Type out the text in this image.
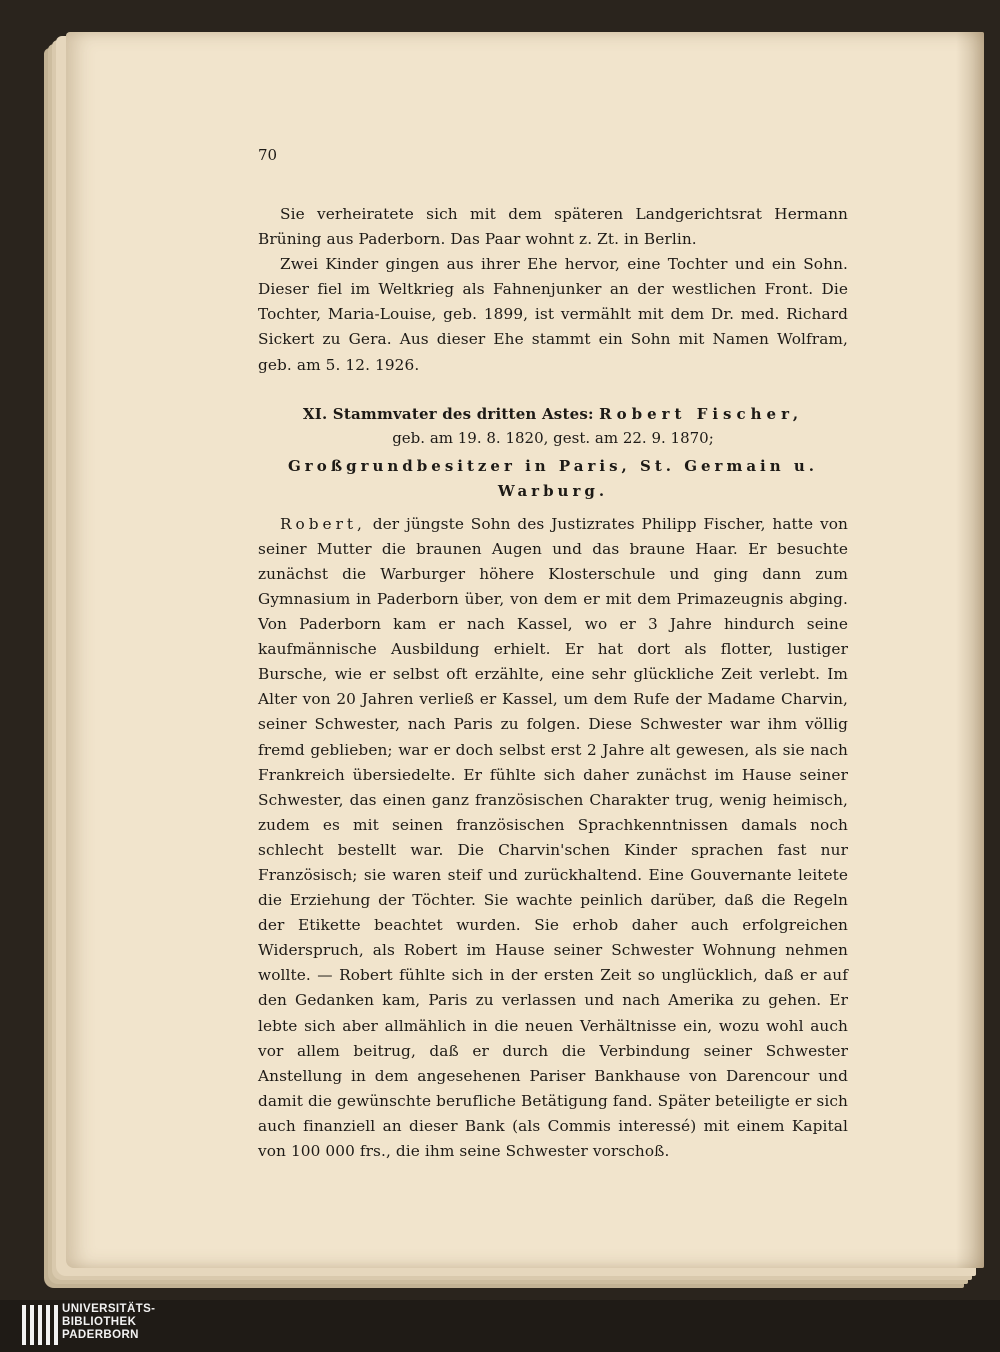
70

Sie verheiratete sich mit dem späteren Landgerichtsrat Hermann Brüning aus Paderborn. Das Paar wohnt z. Zt. in Berlin.

Zwei Kinder gingen aus ihrer Ehe hervor, eine Tochter und ein Sohn. Dieser fiel im Weltkrieg als Fahnenjunker an der westlichen Front. Die Tochter, Maria-Louise, geb. 1899, ist vermählt mit dem Dr. med. Richard Sickert zu Gera. Aus dieser Ehe stammt ein Sohn mit Namen Wolfram, geb. am 5. 12. 1926.

XI. Stammvater des dritten Astes: Robert Fischer,
geb. am 19. 8. 1820, gest. am 22. 9. 1870;
Großgrundbesitzer in Paris, St. Germain u. Warburg.

Robert, der jüngste Sohn des Justizrates Philipp Fischer, hatte von seiner Mutter die braunen Augen und das braune Haar. Er besuchte zunächst die Warburger höhere Klosterschule und ging dann zum Gymnasium in Paderborn über, von dem er mit dem Primazeugnis abging. Von Paderborn kam er nach Kassel, wo er 3 Jahre hindurch seine kaufmännische Ausbildung erhielt. Er hat dort als flotter, lustiger Bursche, wie er selbst oft erzählte, eine sehr glückliche Zeit verlebt. Im Alter von 20 Jahren verließ er Kassel, um dem Rufe der Madame Charvin, seiner Schwester, nach Paris zu folgen. Diese Schwester war ihm völlig fremd geblieben; war er doch selbst erst 2 Jahre alt gewesen, als sie nach Frankreich übersiedelte. Er fühlte sich daher zunächst im Hause seiner Schwester, das einen ganz französischen Charakter trug, wenig heimisch, zudem es mit seinen französischen Sprachkenntnissen damals noch schlecht bestellt war. Die Charvin'schen Kinder sprachen fast nur Französisch; sie waren steif und zurückhaltend. Eine Gouvernante leitete die Erziehung der Töchter. Sie wachte peinlich darüber, daß die Regeln der Etikette beachtet wurden. Sie erhob daher auch erfolgreichen Widerspruch, als Robert im Hause seiner Schwester Wohnung nehmen wollte. — Robert fühlte sich in der ersten Zeit so unglücklich, daß er auf den Gedanken kam, Paris zu verlassen und nach Amerika zu gehen. Er lebte sich aber allmählich in die neuen Verhältnisse ein, wozu wohl auch vor allem beitrug, daß er durch die Verbindung seiner Schwester Anstellung in dem angesehenen Pariser Bankhause von Darencour und damit die gewünschte berufliche Betätigung fand. Später beteiligte er sich auch finanziell an dieser Bank (als Commis interessé) mit einem Kapital von 100 000 frs., die ihm seine Schwester vorschoß.

UNIVERSITÄTS-
BIBLIOTHEK
PADERBORN
